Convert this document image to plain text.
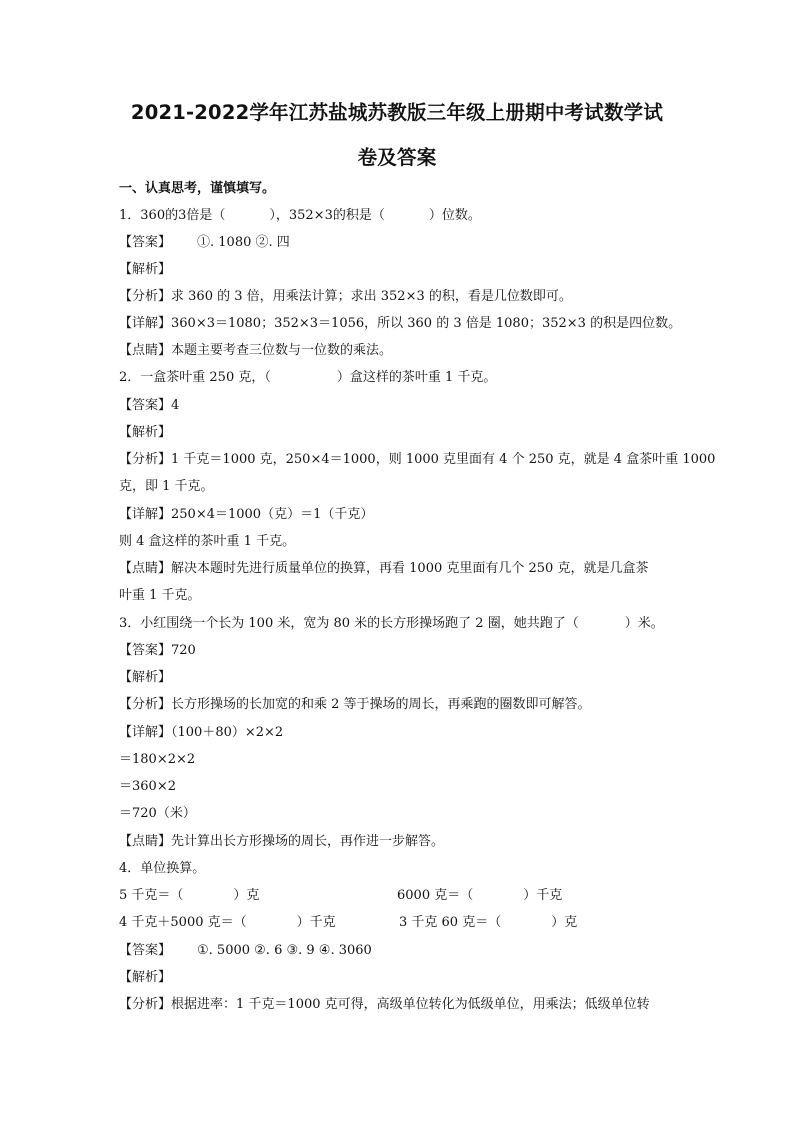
2021-2022学年江苏盐城苏教版三年级上册期中考试数学试
卷及答案
一、认真思考，谨慎填写。
1．360的3倍是（	），352×3的积是（	）位数。
【答案】 ①. 1080 ②. 四
【解析】
【分析】求 360 的 3 倍，用乘法计算；求出 352×3 的积，看是几位数即可。
【详解】360×3＝1080；352×3＝1056，所以 360 的 3 倍是 1080；352×3 的积是四位数。
【点睛】本题主要考查三位数与一位数的乘法。
2．一盒茶叶重 250 克，（	）盒这样的茶叶重 1 千克。
【答案】4
【解析】
【分析】1 千克＝1000 克，250×4＝1000，则 1000 克里面有 4 个 250 克，就是 4 盒茶叶重 1000
克，即 1 千克。
【详解】250×4＝1000（克）＝1（千克）
则 4 盒这样的茶叶重 1 千克。
【点睛】解决本题时先进行质量单位的换算，再看 1000 克里面有几个 250 克，就是几盒茶
叶重 1 千克。
3．小红围绕一个长为 100 米，宽为 80 米的长方形操场跑了 2 圈，她共跑了（	）米。
【答案】720
【解析】
【分析】长方形操场的长加宽的和乘 2 等于操场的周长，再乘跑的圈数即可解答。
【详解】（100＋80）×2×2
＝180×2×2
＝360×2
＝720（米）
【点睛】先计算出长方形操场的周长，再作进一步解答。
4．单位换算。
5 千克＝（	）克	6000 克＝（	）千克
4 千克＋5000 克＝（	）千克	3 千克 60 克＝（	）克
【答案】 ①. 5000 ②. 6 ③. 9 ④. 3060
【解析】
【分析】根据进率：1 千克＝1000 克可得，高级单位转化为低级单位，用乘法；低级单位转
